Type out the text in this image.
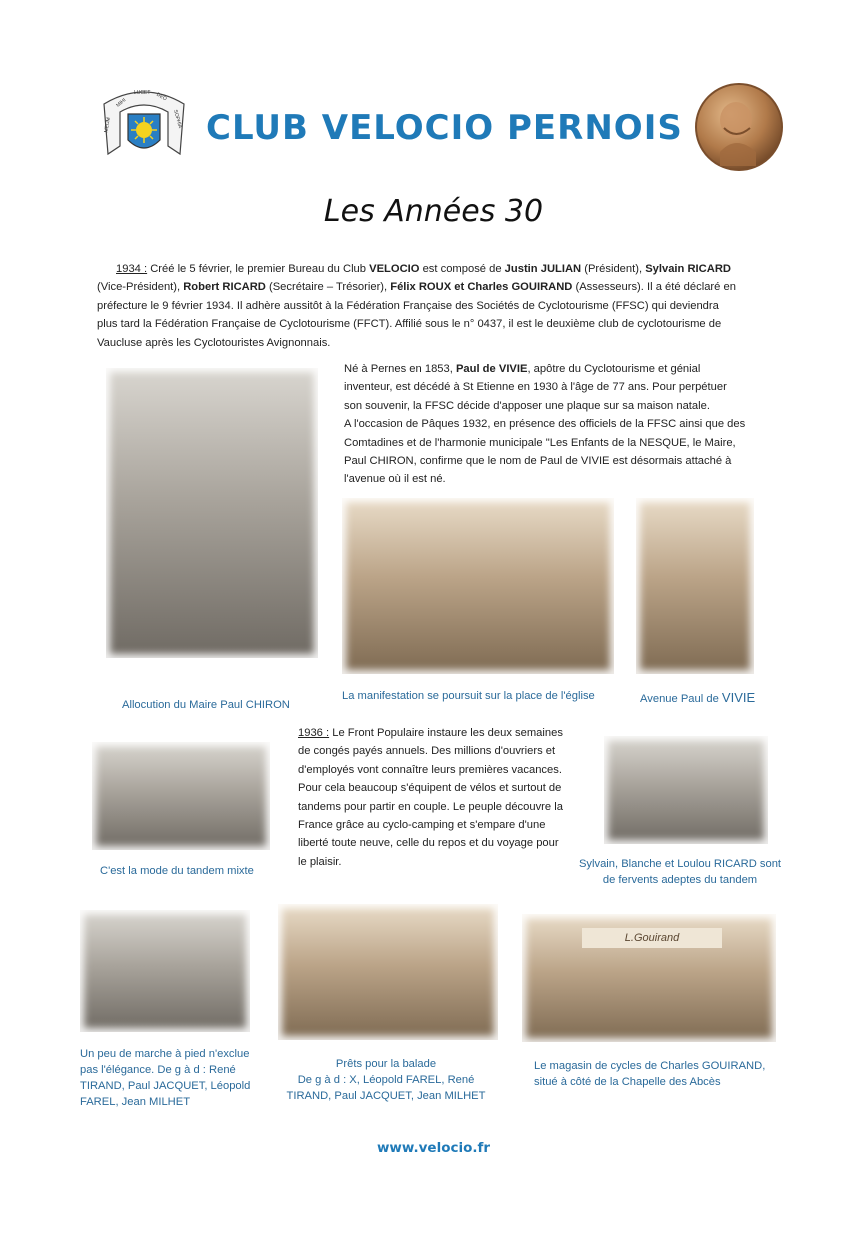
MEUM
MIHI
LUCET DEO
SOPHIA CLUB VELOCIO PERNOIS
Les Années 30
1934 : Créé le 5 février, le premier Bureau du Club VELOCIO est composé de Justin JULIAN (Président), Sylvain RICARD
(Vice-Président), Robert RICARD (Secrétaire – Trésorier), Félix ROUX et Charles GOUIRAND (Assesseurs). Il a été déclaré en
préfecture le 9 février 1934. Il adhère aussitôt à la Fédération Française des Sociétés de Cyclotourisme (FFSC) qui deviendra
plus tard la Fédération Française de Cyclotourisme (FFCT). Affilié sous le n° 0437, il est le deuxième club de cyclotourisme de
Vaucluse après les Cyclotouristes Avignonnais.
Né à Pernes en 1853, Paul de VIVIE, apôtre du Cyclotourisme et génial
inventeur, est décédé à St Etienne en 1930 à l'âge de 77 ans. Pour perpétuer
son souvenir, la FFSC décide d'apposer une plaque sur sa maison natale.
A l'occasion de Pâques 1932, en présence des officiels de la FFSC ainsi que des
Comtadines et de l'harmonie municipale "Les Enfants de la NESQUE, le Maire,
Paul CHIRON, confirme que le nom de Paul de VIVIE est désormais attaché à
l'avenue où il est né.
Allocution du Maire Paul CHIRON
La manifestation se poursuit sur la place de l'église	Avenue Paul de VIVIE
C'est la mode du tandem mixte
1936 : Le Front Populaire instaure les deux semaines
de congés payés annuels. Des millions d'ouvriers et
d'employés vont connaître leurs premières vacances.
Pour cela beaucoup s'équipent de vélos et surtout de
tandems pour partir en couple. Le peuple découvre la
France grâce au cyclo-camping et s'empare d'une
liberté toute neuve, celle du repos et du voyage pour
le plaisir.	Sylvain, Blanche et Loulou RICARD sont
de fervents adeptes du tandem
L.Gouirand
Un peu de marche à pied n'exclue
pas l'élégance. De g à d : René
TIRAND, Paul JACQUET, Léopold
FAREL, Jean MILHET
Prêts pour la balade
De g à d : X, Léopold FAREL, René
TIRAND, Paul JACQUET, Jean MILHET
Le magasin de cycles de Charles GOUIRAND,
situé à côté de la Chapelle des Abcès
www.velocio.fr
